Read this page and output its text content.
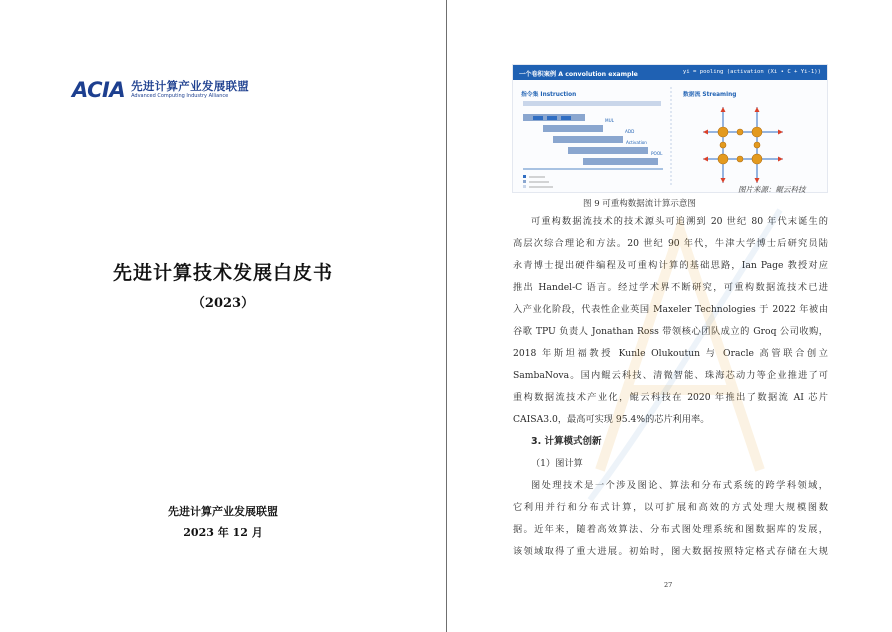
ACIA 先进计算产业发展联盟
Advanced Computing Industry Alliance
先进计算技术发展白皮书
（2023）
先进计算产业发展联盟
2023 年 12 月
一个卷积案例 A convolution example	yi = pooling (activation (Xi • C + Yi-1))
指令集 Instruction	数据流 Streaming
MUL
ADD
Activation
POOL
图片来源：鲲云科技
图 9 可重构数据流计算示意图

可重构数据流技术的技术源头可追溯到 20 世纪 80 年代末诞生的

高层次综合理论和方法。20 世纪 90 年代，牛津大学博士后研究员陆

永青博士提出硬件编程及可重构计算的基础思路，Ian Page 教授对应

推出 Handel-C 语言。经过学术界不断研究，可重构数据流技术已进

入产业化阶段，代表性企业英国 Maxeler Technologies 于 2022 年被由

谷歌 TPU 负责人 Jonathan Ross 带领核心团队成立的 Groq 公司收购，

2018 年斯坦福教授 Kunle Olukoutun 与 Oracle 高管联合创立

SambaNova。国内鲲云科技、清微智能、珠海芯动力等企业推进了可

重构数据流技术产业化，鲲云科技在 2020 年推出了数据流 AI 芯片

CAISA3.0，最高可实现 95.4%的芯片利用率。

3. 计算模式创新
（1）图计算

图处理技术是一个涉及图论、算法和分布式系统的跨学科领域，

它利用并行和分布式计算，以可扩展和高效的方式处理大规模图数

据。近年来，随着高效算法、分布式图处理系统和图数据库的发展，

该领域取得了重大进展。初始时，图大数据按照特定格式存储在大规

27
